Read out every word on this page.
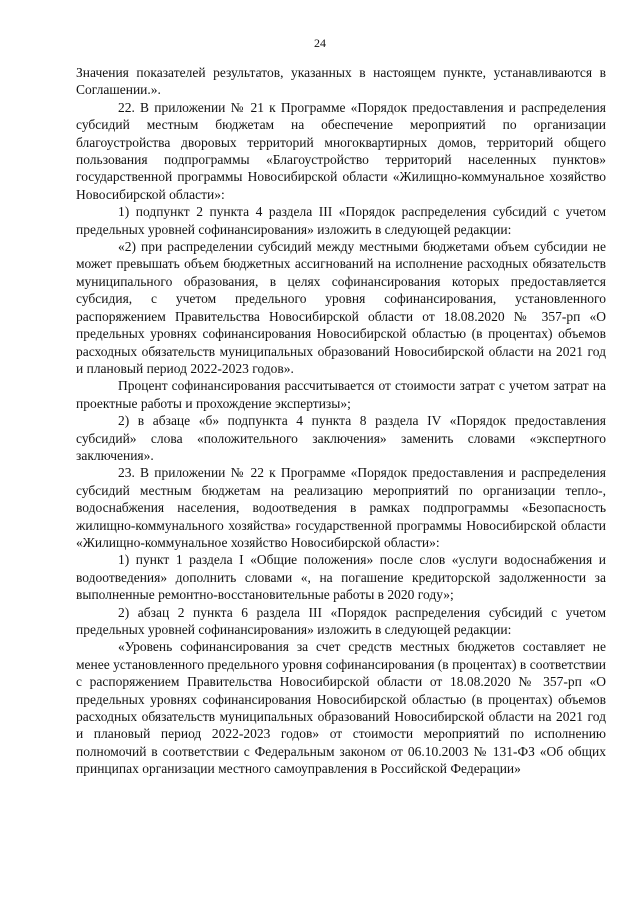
24

Значения показателей результатов, указанных в настоящем пункте, устанавливаются в Соглашении.».

22. В приложении № 21 к Программе «Порядок предоставления и распределения субсидий местным бюджетам на обеспечение мероприятий по организации благоустройства дворовых территорий многоквартирных домов, территорий общего пользования подпрограммы «Благоустройство территорий населенных пунктов» государственной программы Новосибирской области «Жилищно-коммунальное хозяйство Новосибирской области»:

1) подпункт 2 пункта 4 раздела III «Порядок распределения субсидий с учетом предельных уровней софинансирования» изложить в следующей редакции:

«2) при распределении субсидий между местными бюджетами объем субсидии не может превышать объем бюджетных ассигнований на исполнение расходных обязательств муниципального образования, в целях софинансирования которых предоставляется субсидия, с учетом предельного уровня софинансирования, установленного распоряжением Правительства Новосибирской области от 18.08.2020 № 357-рп «О предельных уровнях софинансирования Новосибирской областью (в процентах) объемов расходных обязательств муниципальных образований Новосибирской области на 2021 год и плановый период 2022-2023 годов».

Процент софинансирования рассчитывается от стоимости затрат с учетом затрат на проектные работы и прохождение экспертизы»;

2) в абзаце «б» подпункта 4 пункта 8 раздела IV «Порядок предоставления субсидий» слова «положительного заключения» заменить словами «экспертного заключения».

23. В приложении № 22 к Программе «Порядок предоставления и распределения субсидий местным бюджетам на реализацию мероприятий по организации тепло-, водоснабжения населения, водоотведения в рамках подпрограммы «Безопасность жилищно-коммунального хозяйства» государственной программы Новосибирской области «Жилищно-коммунальное хозяйство Новосибирской области»:

1) пункт 1 раздела I «Общие положения» после слов «услуги водоснабжения и водоотведения» дополнить словами «, на погашение кредиторской задолженности за выполненные ремонтно-восстановительные работы в 2020 году»;

2) абзац 2 пункта 6 раздела III «Порядок распределения субсидий с учетом предельных уровней софинансирования» изложить в следующей редакции:

«Уровень софинансирования за счет средств местных бюджетов составляет не менее установленного предельного уровня софинансирования (в процентах) в соответствии с распоряжением Правительства Новосибирской области от 18.08.2020 № 357-рп «О предельных уровнях софинансирования Новосибирской областью (в процентах) объемов расходных обязательств муниципальных образований Новосибирской области на 2021 год и плановый период 2022-2023 годов» от стоимости мероприятий по исполнению полномочий в соответствии с Федеральным законом от 06.10.2003 № 131-ФЗ «Об общих принципах организации местного самоуправления в Российской Федерации»
